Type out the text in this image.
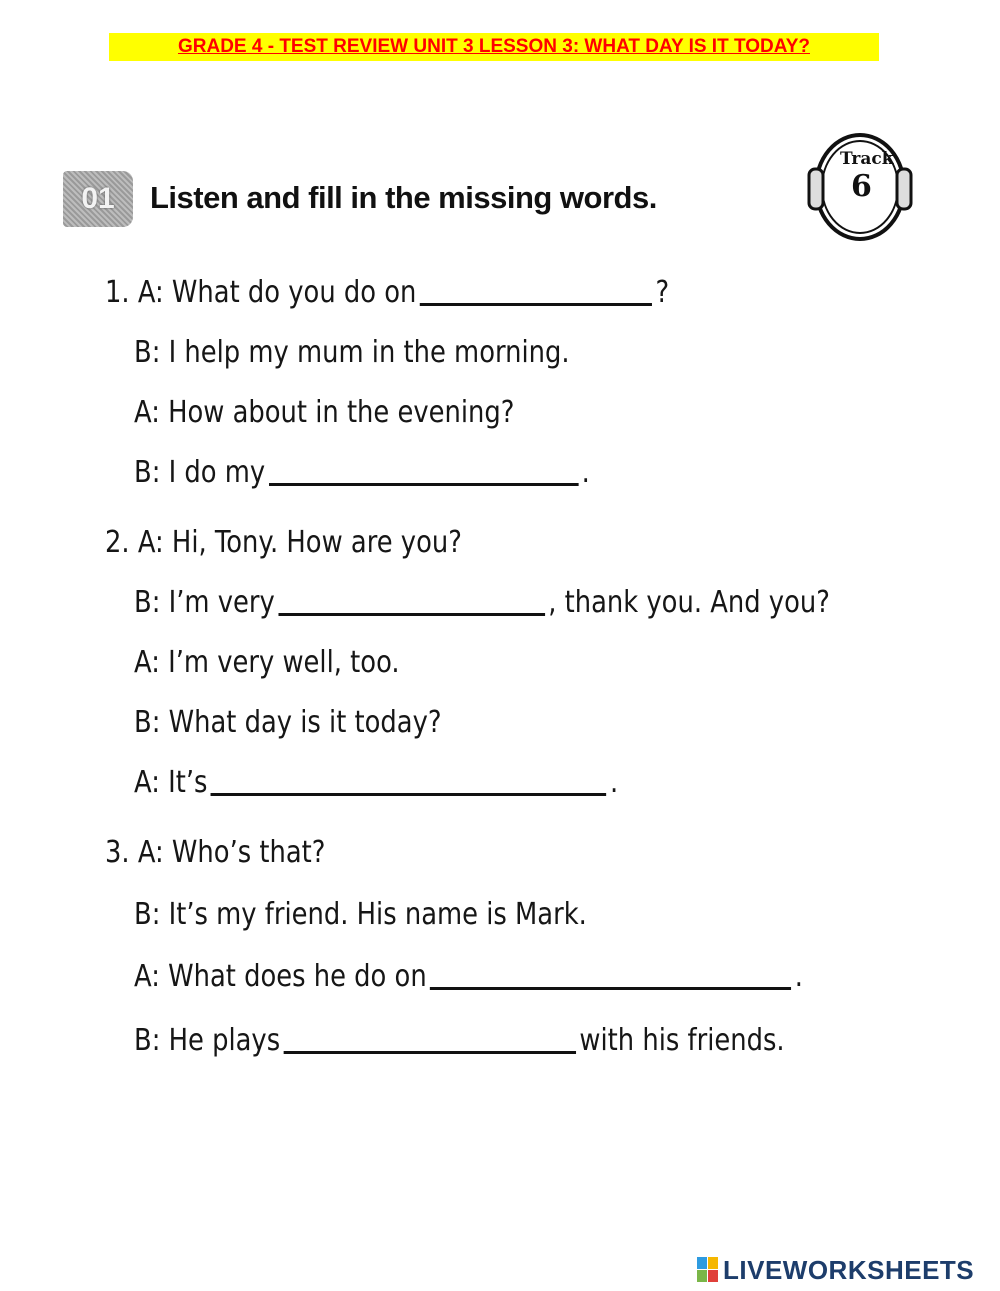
GRADE 4 - TEST REVIEW UNIT 3 LESSON 3: WHAT DAY IS IT TODAY?
01 Listen and fill in the missing words.
Track
6
1.
A: What do you do on	?
B: I help my mum in the morning.
A: How about in the evening?
B: I do my	.
2.
A: Hi, Tony. How are you?
B: I’m very	, thank you. And you?
A: I’m very well, too.
B: What day is it today?
A: It’s	.
3.
A: Who’s that?
B: It’s my friend. His name is Mark.
A: What does he do on	.
B: He plays	with his friends.
LIVEWORKSHEETS
